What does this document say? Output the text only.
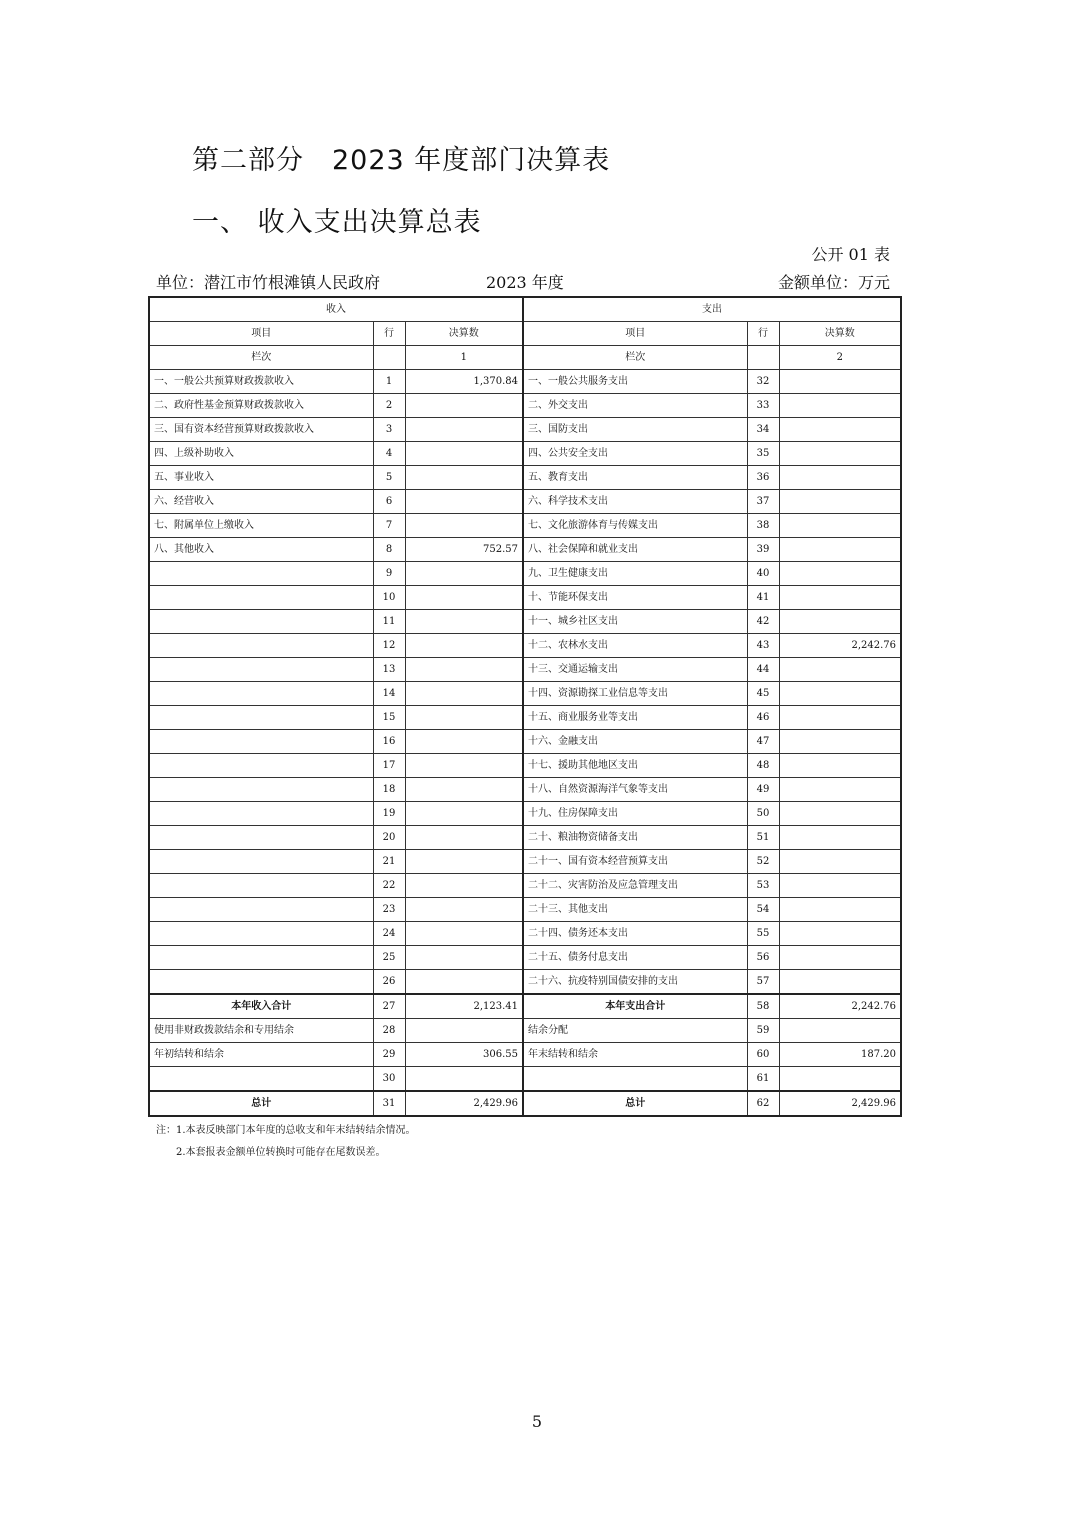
第二部分　2023 年度部门决算表
一、 收入支出决算总表
公开 01 表
单位：潜江市竹根滩镇人民政府	2023 年度	金额单位：万元
收入			支出		
项目	行	决算数	项目	行	决算数
栏次		1	栏次		2
一、一般公共预算财政拨款收入	1	1,370.84	一、一般公共服务支出	32	
二、政府性基金预算财政拨款收入	2		二、外交支出	33	
三、国有资本经营预算财政拨款收入	3		三、国防支出	34	
四、上级补助收入	4		四、公共安全支出	35	
五、事业收入	5		五、教育支出	36	
六、经营收入	6		六、科学技术支出	37	
七、附属单位上缴收入	7		七、文化旅游体育与传媒支出	38	
八、其他收入	8	752.57	八、社会保障和就业支出	39	
	9		九、卫生健康支出	40	
	10		十、节能环保支出	41	
	11		十一、城乡社区支出	42	
	12		十二、农林水支出	43	2,242.76
	13		十三、交通运输支出	44	
	14		十四、资源勘探工业信息等支出	45	
	15		十五、商业服务业等支出	46	
	16		十六、金融支出	47	
	17		十七、援助其他地区支出	48	
	18		十八、自然资源海洋气象等支出	49	
	19		十九、住房保障支出	50	
	20		二十、粮油物资储备支出	51	
	21		二十一、国有资本经营预算支出	52	
	22		二十二、灾害防治及应急管理支出	53	
	23		二十三、其他支出	54	
	24		二十四、债务还本支出	55	
	25		二十五、债务付息支出	56	
	26		二十六、抗疫特别国债安排的支出	57	
本年收入合计	27	2,123.41	本年支出合计	58	2,242.76
使用非财政拨款结余和专用结余	28		结余分配	59	
年初结转和结余	29	306.55	年末结转和结余	60	187.20
	30			61	
总计	31	2,429.96	总计	62	2,429.96
注：1.本表反映部门本年度的总收支和年末结转结余情况。
2.本套报表金额单位转换时可能存在尾数误差。
5
